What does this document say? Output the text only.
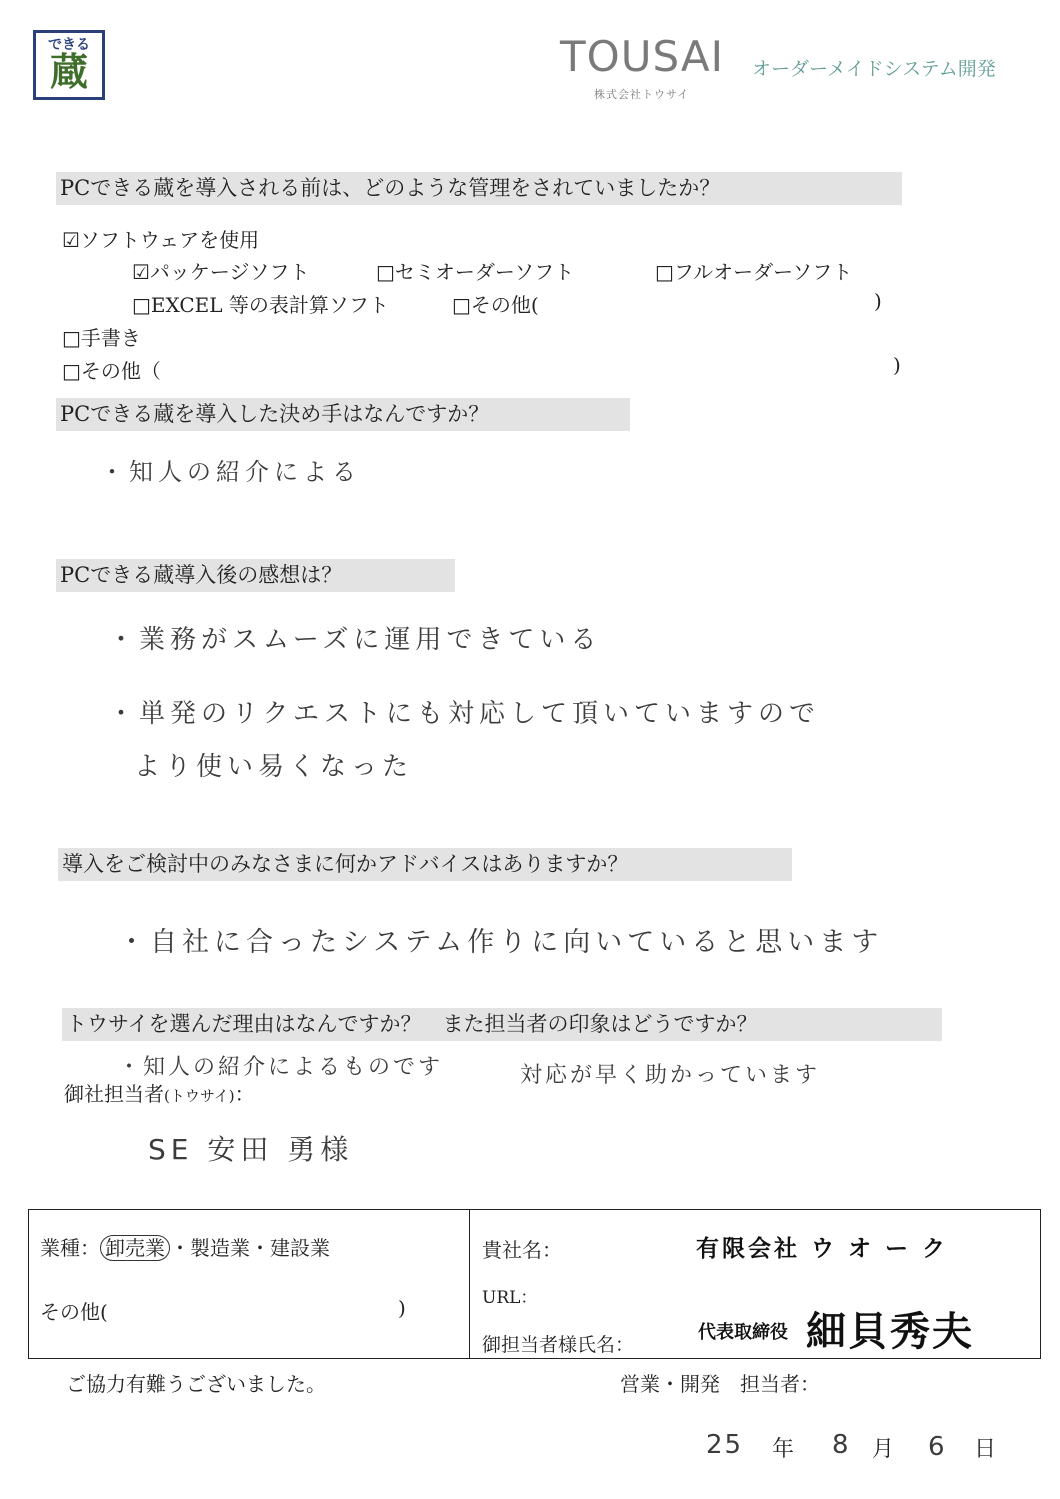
できる
蔵	TOUSAI オーダーメイドシステム開発
株式会社トウサイ
PCできる蔵を導入される前は、どのような管理をされていましたか？
☑ソフトウェアを使用
☑パッケージソフト	□セミオーダーソフト	□フルオーダーソフト
□EXCEL 等の表計算ソフト	□その他(	)
□手書き
□その他（	)
PCできる蔵を導入した決め手はなんですか？
・知人の紹介による
PCできる蔵導入後の感想は？
・業務がスムーズに運用できている
・単発のリクエストにも対応して頂いていますので
より使い易くなった
導入をご検討中のみなさまに何かアドバイスはありますか？
・自社に合ったシステム作りに向いていると思います
トウサイを選んだ理由はなんですか？　また担当者の印象はどうですか？
・知人の紹介によるものです	対応が早く助かっています
御社担当者(トウサイ)：
SE 安田 勇様
業種： 卸売業 ・製造業・建設業
その他(	)
貴社名：	有限会社 ウ オ ー ク
URL：
御担当者様氏名：
代表取締役 細貝秀夫
ご協力有難うございました。	営業・開発　担当者：
25 年 8 月 6 日
